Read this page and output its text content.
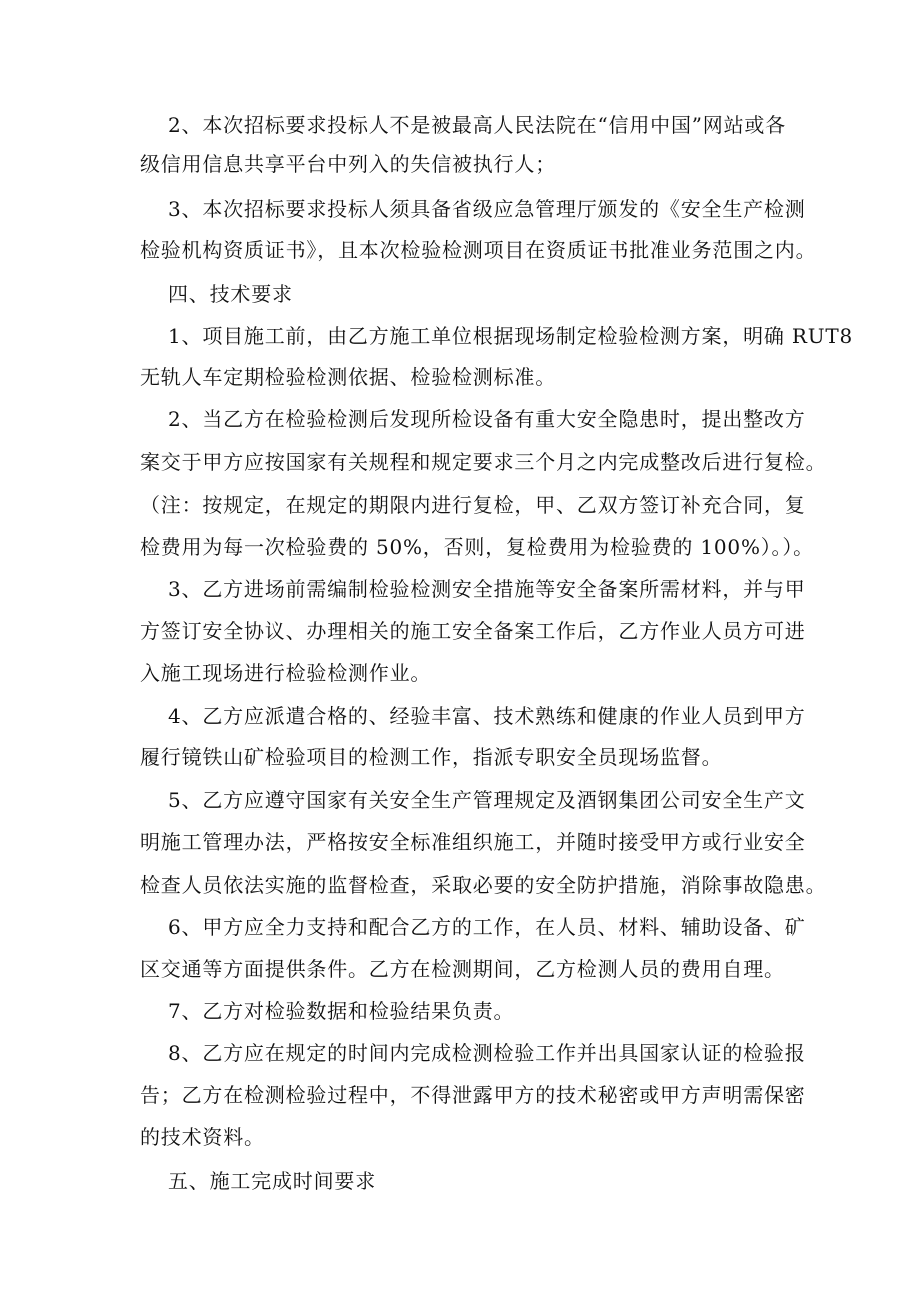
2、本次招标要求投标人不是被最高人民法院在“信用中国”网站或各
级信用信息共享平台中列入的失信被执行人；
3、本次招标要求投标人须具备省级应急管理厅颁发的《安全生产检测
检验机构资质证书》，且本次检验检测项目在资质证书批准业务范围之内。
四、技术要求
1、项目施工前，由乙方施工单位根据现场制定检验检测方案，明确 RUT8
无轨人车定期检验检测依据、检验检测标准。
2、当乙方在检验检测后发现所检设备有重大安全隐患时，提出整改方
案交于甲方应按国家有关规程和规定要求三个月之内完成整改后进行复检。
（注：按规定，在规定的期限内进行复检，甲、乙双方签订补充合同，复
检费用为每一次检验费的 50%，否则，复检费用为检验费的 100%）。）。
3、乙方进场前需编制检验检测安全措施等安全备案所需材料，并与甲
方签订安全协议、办理相关的施工安全备案工作后，乙方作业人员方可进
入施工现场进行检验检测作业。
4、乙方应派遣合格的、经验丰富、技术熟练和健康的作业人员到甲方
履行镜铁山矿检验项目的检测工作，指派专职安全员现场监督。
5、乙方应遵守国家有关安全生产管理规定及酒钢集团公司安全生产文
明施工管理办法，严格按安全标准组织施工，并随时接受甲方或行业安全
检查人员依法实施的监督检查，采取必要的安全防护措施，消除事故隐患。
6、甲方应全力支持和配合乙方的工作，在人员、材料、辅助设备、矿
区交通等方面提供条件。乙方在检测期间，乙方检测人员的费用自理。
7、乙方对检验数据和检验结果负责。
8、乙方应在规定的时间内完成检测检验工作并出具国家认证的检验报
告；乙方在检测检验过程中，不得泄露甲方的技术秘密或甲方声明需保密
的技术资料。
五、施工完成时间要求
